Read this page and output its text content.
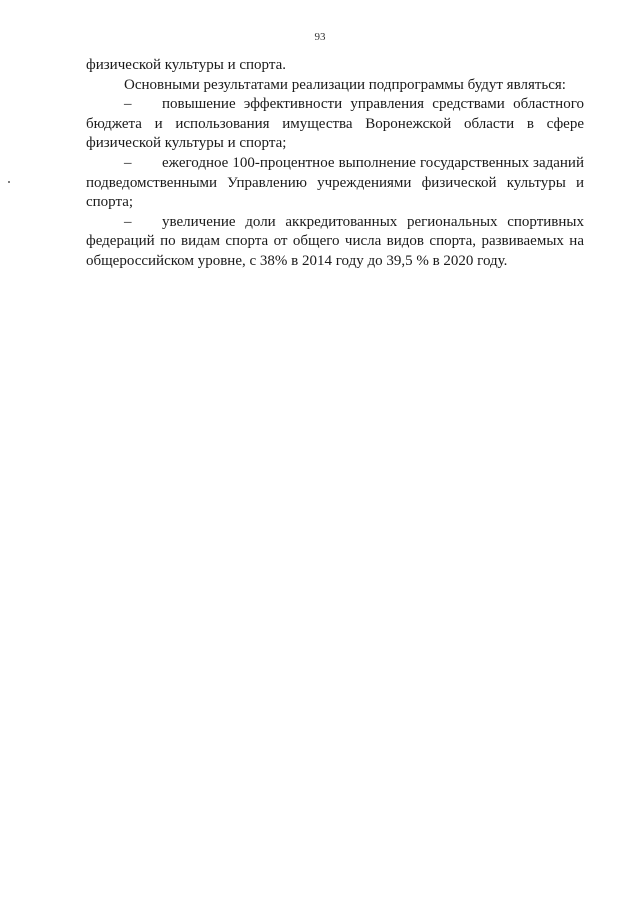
93

физической культуры и спорта.

Основными результатами реализации подпрограммы будут являться:

– повышение эффективности управления средствами областного бюджета и использования имущества Воронежской области в сфере физической культуры и спорта;

– ежегодное 100-процентное выполнение государственных заданий подведомственными Управлению учреждениями физической культуры и спорта;

– увеличение доли аккредитованных региональных спортивных федераций по видам спорта от общего числа видов спорта, развиваемых на общероссийском уровне, с 38% в 2014 году до 39,5 % в 2020 году.
